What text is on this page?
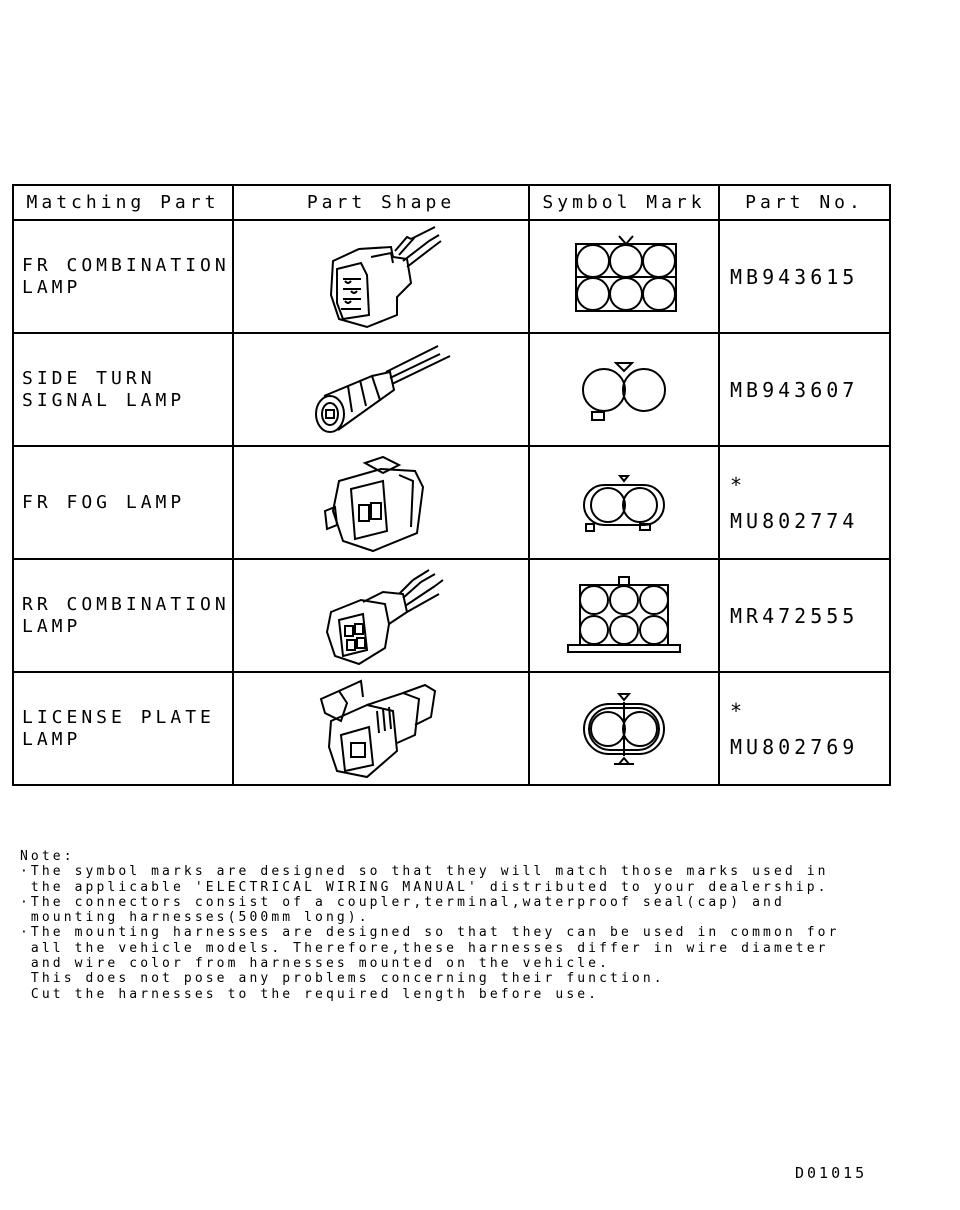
Matching Part	Part Shape	Symbol Mark	Part No.

FR COMBINATION
LAMP			MB943615

SIDE TURN
SIGNAL LAMP			MB943607

FR FOG LAMP			*
MU802774

RR COMBINATION
LAMP			MR472555

LICENSE PLATE
LAMP			*
MU802769

Note:

·The symbol marks are designed so that they will match those marks used in

the applicable 'ELECTRICAL WIRING MANUAL' distributed to your dealership.

·The connectors consist of a coupler,terminal,waterproof seal(cap) and

mounting harnesses(500mm long).

·The mounting harnesses are designed so that they can be used in common for

all the vehicle models. Therefore,these harnesses differ in wire diameter

and wire color from harnesses mounted on the vehicle.

This does not pose any problems concerning their function.

Cut the harnesses to the required length before use.

D01015
